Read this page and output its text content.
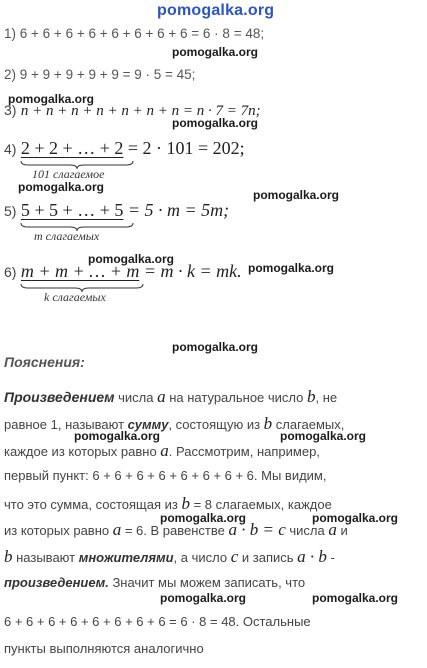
pomogalka.org
1) 6 + 6 + 6 + 6 + 6 + 6 + 6 + 6 = 6 · 8 = 48;
pomogalka.org
2) 9 + 9 + 9 + 9 + 9 = 9 · 5 = 45;
pomogalka.org
3) n + n + n + n + n + n + n = n · 7 = 7n;
pomogalka.org
4) 2 + 2 + … + 2 = 2 · 101 = 202;
101 слагаемое
pomogalka.org
pomogalka.org
5) 5 + 5 + … + 5 = 5 · m = 5m;
m слагаемых
pomogalka.org
6) m + m + … + m = m · k = mk. pomogalka.org
k слагаемых
pomogalka.org
Пояснения:
Произведением числа a на натуральное число b, не
равное 1, называют сумму, состоящую из b слагаемых,
pomogalka.org	pomogalka.org
каждое из которых равно a. Рассмотрим, например,
первый пункт: 6 + 6 + 6 + 6 + 6 + 6 + 6 + 6. Мы видим,
что это сумма, состоящая из b = 8 слагаемых, каждое
pomogalka.org	pomogalka.org
из которых равно a = 6. В равенстве a · b = c числа a и
b называют множителями, а число c и запись a · b -
произведением. Значит мы можем записать, что
pomogalka.org	pomogalka.org
6 + 6 + 6 + 6 + 6 + 6 + 6 + 6 = 6 · 8 = 48. Остальные
пункты выполняются аналогично
